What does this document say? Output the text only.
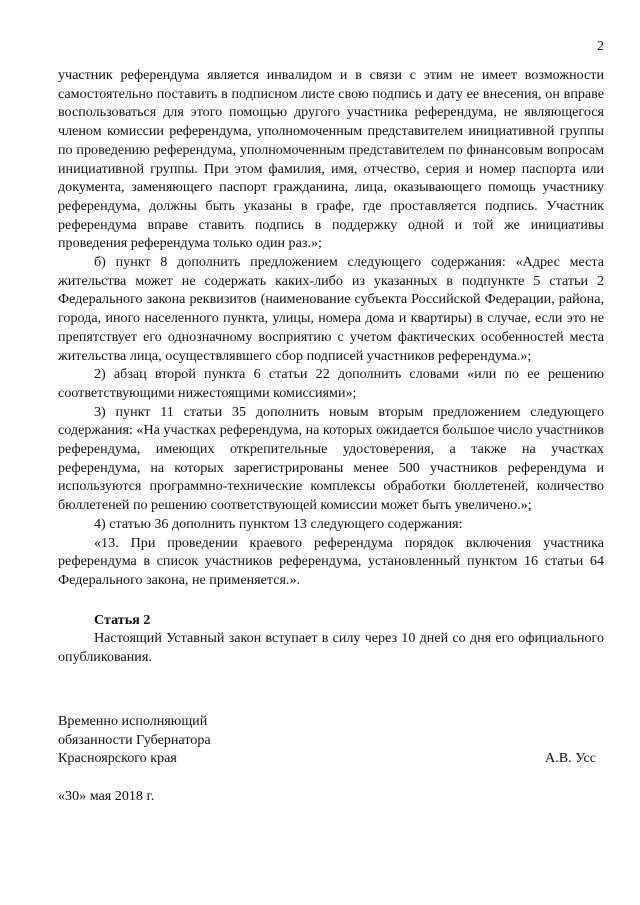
2

участник референдума является инвалидом и в связи с этим не имеет возможности самостоятельно поставить в подписном листе свою подпись и дату ее внесения, он вправе воспользоваться для этого помощью другого участника референдума, не являющегося членом комиссии референдума, уполномоченным представителем инициативной группы по проведению референдума, уполномоченным представителем по финансовым вопросам инициативной группы. При этом фамилия, имя, отчество, серия и номер паспорта или документа, заменяющего паспорт гражданина, лица, оказывающего помощь участнику референдума, должны быть указаны в графе, где проставляется подпись. Участник референдума вправе ставить подпись в поддержку одной и той же инициативы проведения референдума только один раз.»;

б) пункт 8 дополнить предложением следующего содержания: «Адрес места жительства может не содержать каких-либо из указанных в подпункте 5 статьи 2 Федерального закона реквизитов (наименование субъекта Российской Федерации, района, города, иного населенного пункта, улицы, номера дома и квартиры) в случае, если это не препятствует его однозначному восприятию с учетом фактических особенностей места жительства лица, осуществлявшего сбор подписей участников референдума.»;

2) абзац второй пункта 6 статьи 22 дополнить словами «или по ее решению соответствующими нижестоящими комиссиями»;

3) пункт 11 статьи 35 дополнить новым вторым предложением следующего содержания: «На участках референдума, на которых ожидается большое число участников референдума, имеющих открепительные удостоверения, а также на участках референдума, на которых зарегистрированы менее 500 участников референдума и используются программно-технические комплексы обработки бюллетеней, количество бюллетеней по решению соответствующей комиссии может быть увеличено.»;

4) статью 36 дополнить пунктом 13 следующего содержания:

«13. При проведении краевого референдума порядок включения участника референдума в список участников референдума, установленный пунктом 16 статьи 64 Федерального закона, не применяется.».

Статья 2

Настоящий Уставный закон вступает в силу через 10 дней со дня его официального опубликования.

Временно исполняющий
обязанности Губернатора
Красноярского края	А.В. Усс
«30» мая 2018 г.
